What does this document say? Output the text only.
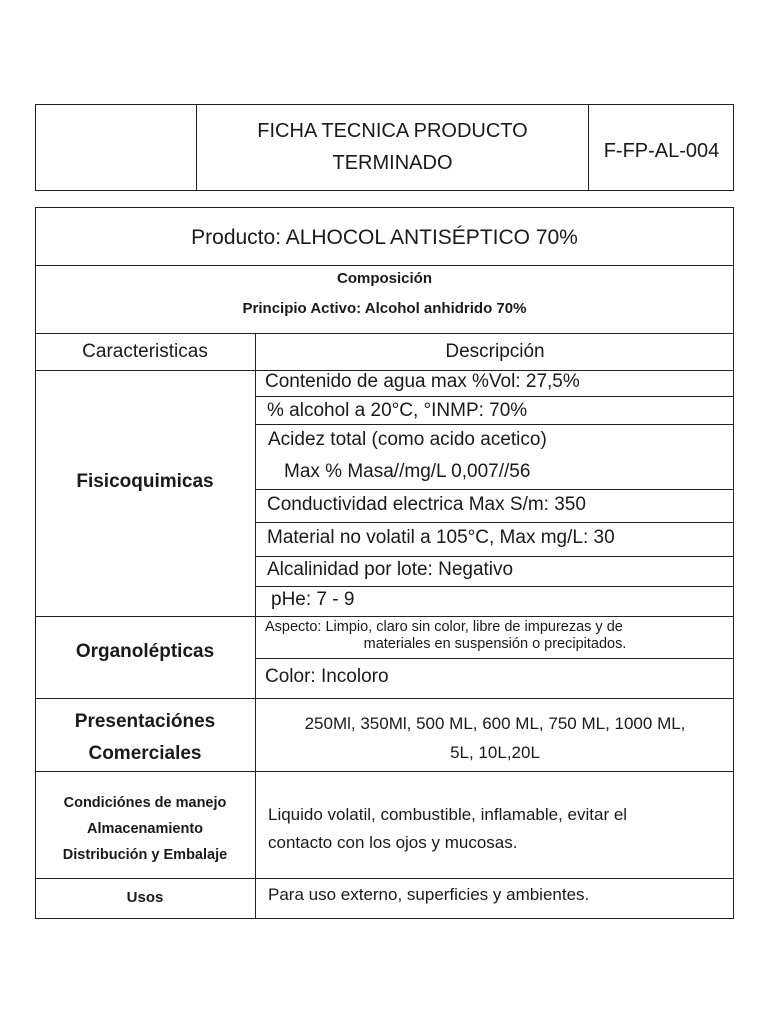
FICHA TECNICA PRODUCTO
TERMINADO
F-FP-AL-004
Producto: ALHOCOL ANTISÉPTICO 70%
Composición
Principio Activo: Alcohol anhidrido 70%
Caracteristicas	Descripción
Fisicoquimicas
Contenido de agua max %Vol: 27,5%
% alcohol a 20°C, °INMP: 70%
Acidez total (como acido acetico)
Max % Masa//mg/L 0,007//56
Conductividad electrica Max S/m: 350
Material no volatil a 105°C, Max mg/L: 30
Alcalinidad por lote: Negativo
pHe: 7 - 9
Organolépticas
Aspecto: Limpio, claro sin color, libre de impurezas y de
materiales en suspensión o precipitados.
Color: Incoloro
Presentaciónes
Comerciales
250Ml, 350Ml, 500 ML, 600 ML, 750 ML, 1000 ML,
5L, 10L,20L
Condiciónes de manejo
Almacenamiento
Distribución y Embalaje
Liquido volatil, combustible, inflamable, evitar el
contacto con los ojos y mucosas.
Usos	Para uso externo, superficies y ambientes.
